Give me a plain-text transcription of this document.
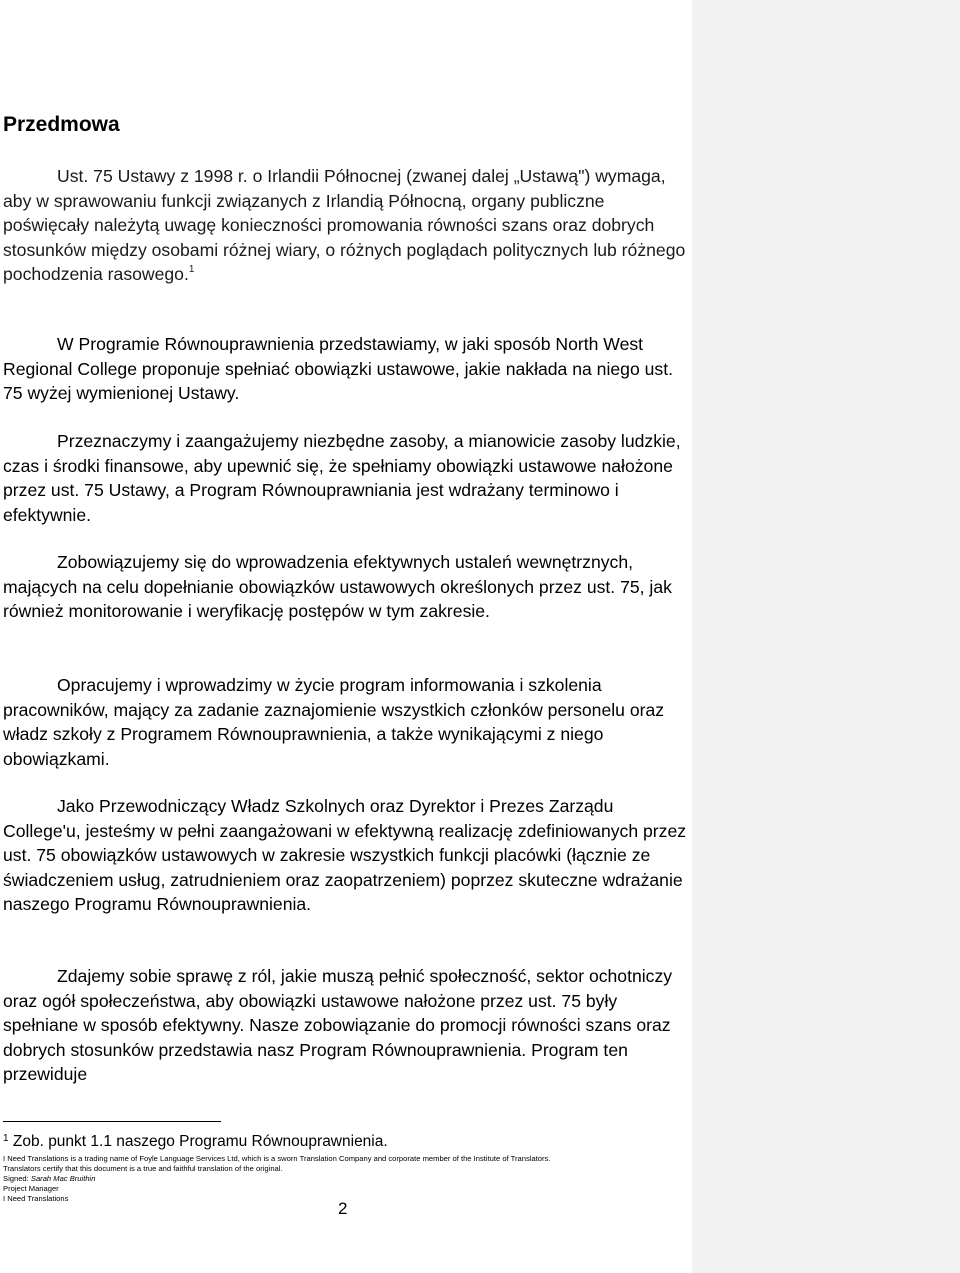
Przedmowa

Ust. 75 Ustawy z 1998 r. o Irlandii Północnej (zwanej dalej „Ustawą") wymaga, aby w sprawowaniu funkcji związanych z Irlandią Północną, organy publiczne poświęcały należytą uwagę konieczności promowania równości szans oraz dobrych stosunków między osobami różnej wiary, o różnych poglądach politycznych lub różnego pochodzenia rasowego.$^1$

W Programie Równouprawnienia przedstawiamy, w jaki sposób North West Regional College proponuje spełniać obowiązki ustawowe, jakie nakłada na niego ust. 75 wyżej wymienionej Ustawy.

Przeznaczymy i zaangażujemy niezbędne zasoby, a mianowicie zasoby ludzkie, czas i środki finansowe, aby upewnić się, że spełniamy obowiązki ustawowe nałożone przez ust. 75 Ustawy, a Program Równouprawniania jest wdrażany terminowo i efektywnie.

Zobowiązujemy się do wprowadzenia efektywnych ustaleń wewnętrznych, mających na celu dopełnianie obowiązków ustawowych określonych przez ust. 75, jak również monitorowanie i weryfikację postępów w tym zakresie.

Opracujemy i wprowadzimy w życie program informowania i szkolenia pracowników, mający za zadanie zaznajomienie wszystkich członków personelu oraz władz szkoły z Programem Równouprawnienia, a także wynikającymi z niego obowiązkami.

Jako Przewodniczący Władz Szkolnych oraz Dyrektor i Prezes Zarządu College'u, jesteśmy w pełni zaangażowani w efektywną realizację zdefiniowanych przez ust. 75 obowiązków ustawowych w zakresie wszystkich funkcji placówki (łącznie ze świadczeniem usług, zatrudnieniem oraz zaopatrzeniem) poprzez skuteczne wdrażanie naszego Programu Równouprawnienia.

Zdajemy sobie sprawę z ról, jakie muszą pełnić społeczność, sektor ochotniczy oraz ogół społeczeństwa, aby obowiązki ustawowe nałożone przez ust. 75 były spełniane w sposób efektywny. Nasze zobowiązanie do promocji równości szans oraz dobrych stosunków przedstawia nasz Program Równouprawnienia. Program ten przewiduje

$^1$ Zob. punkt 1.1 naszego Programu Równouprawnienia.

I Need Translations is a trading name of Foyle Language Services Ltd, which is a sworn Translation Company and corporate member of the Institute of Translators.
Translators certify that this document is a true and faithful translation of the original.
Signed: Sarah Mac Bruithin
Project Manager
I Need Translations
2
